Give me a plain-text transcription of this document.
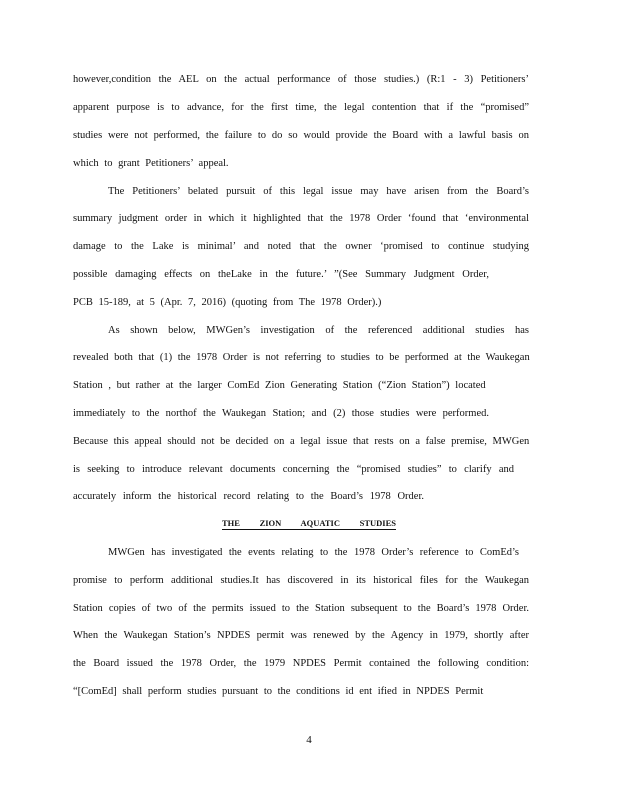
however,condition the AEL on the actual performance of those studies.) (R:1 - 3) Petitioners’
apparent purpose is to advance, for the first time, the legal contention that if the “promised”
studies were not performed, the failure to do so would provide the Board with a lawful basis on
which to grant Petitioners’ appeal.
The Petitioners’ belated pursuit of this legal issue may have arisen from the Board’s
summary judgment order in which it highlighted that the 1978 Order ‘found that ‘environmental
damage to the Lake is minimal’ and noted that the owner ‘promised to continue studying
possible damaging effects on theLake in the future.’ ”(See Summary Judgment Order,
PCB 15-189, at 5 (Apr. 7, 2016) (quoting from The 1978 Order).)
As shown below, MWGen’s investigation of the referenced additional studies has
revealed both that (1) the 1978 Order is not referring to studies to be performed at the Waukegan
Station , but rather at the larger ComEd Zion Generating Station (“Zion Station”) located
immediately to the northof the Waukegan Station; and (2) those studies were performed.
Because this appeal should not be decided on a legal issue that rests on a false premise, MWGen
is seeking to introduce relevant documents concerning the “promised studies” to clarify and
accurately inform the historical record relating to the Board’s 1978 Order.
THE ZION AQUATIC STUDIES
MWGen has investigated the events relating to the 1978 Order’s reference to ComEd’s
promise to perform additional studies.It has discovered in its historical files for the Waukegan
Station copies of two of the permits issued to the Station subsequent to the Board’s 1978 Order.
When the Waukegan Station’s NPDES permit was renewed by the Agency in 1979, shortly after
the Board issued the 1978 Order, the 1979 NPDES Permit contained the following condition:
“[ComEd] shall perform studies pursuant to the conditions id ent ified in NPDES Permit
4
